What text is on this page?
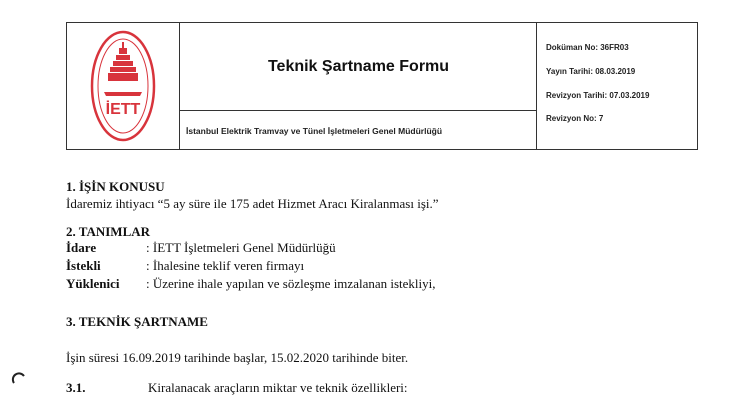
İETT
Teknik Şartname Formu
İstanbul Elektrik Tramvay ve Tünel İşletmeleri Genel Müdürlüğü
Doküman No: 36FR03
Yayın Tarihi: 08.03.2019
Revizyon Tarihi: 07.03.2019
Revizyon No: 7
1. İŞİN KONUSU
İdaremiz ihtiyacı “5 ay süre ile 175 adet Hizmet Aracı Kiralanması işi.”
2. TANIMLAR
İdare	: İETT İşletmeleri Genel Müdürlüğü
İstekli	: İhalesine teklif veren firmayı
Yüklenici : Üzerine ihale yapılan ve sözleşme imzalanan istekliyi,
3. TEKNİK ŞARTNAME
İşin süresi 16.09.2019 tarihinde başlar, 15.02.2020 tarihinde biter.
3.1.	Kiralanacak araçların miktar ve teknik özellikleri:
